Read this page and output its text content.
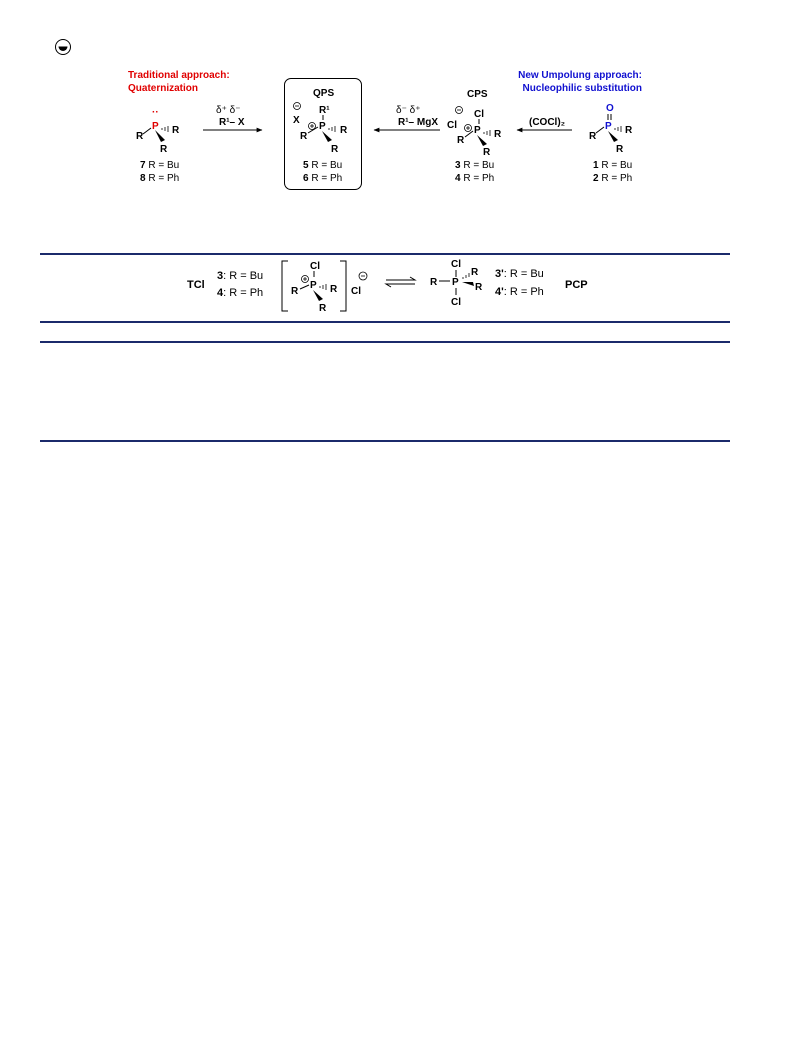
Traditional approach:
Quaternization
New Umpolung approach:
Nucleophilic substitution
··
P
R
R
R
δ⁺ δ⁻
R¹– X
QPS
X
R¹
P
R
R
R
δ⁻ δ⁺
R¹– MgX
CPS
Cl
Cl P
R
R
R
(COCl)₂
O
P
R
R
R
7 R = Bu
8 R = Ph
5 R = Bu
6 R = Ph
3 R = Bu
4 R = Ph
1 R = Bu
2 R = Ph
TCl
3: R = Bu
4: R = Ph
Cl
P
R	R
R
Cl
Cl
R P
R
R
Cl
3': R = Bu
4': R = Ph
PCP
